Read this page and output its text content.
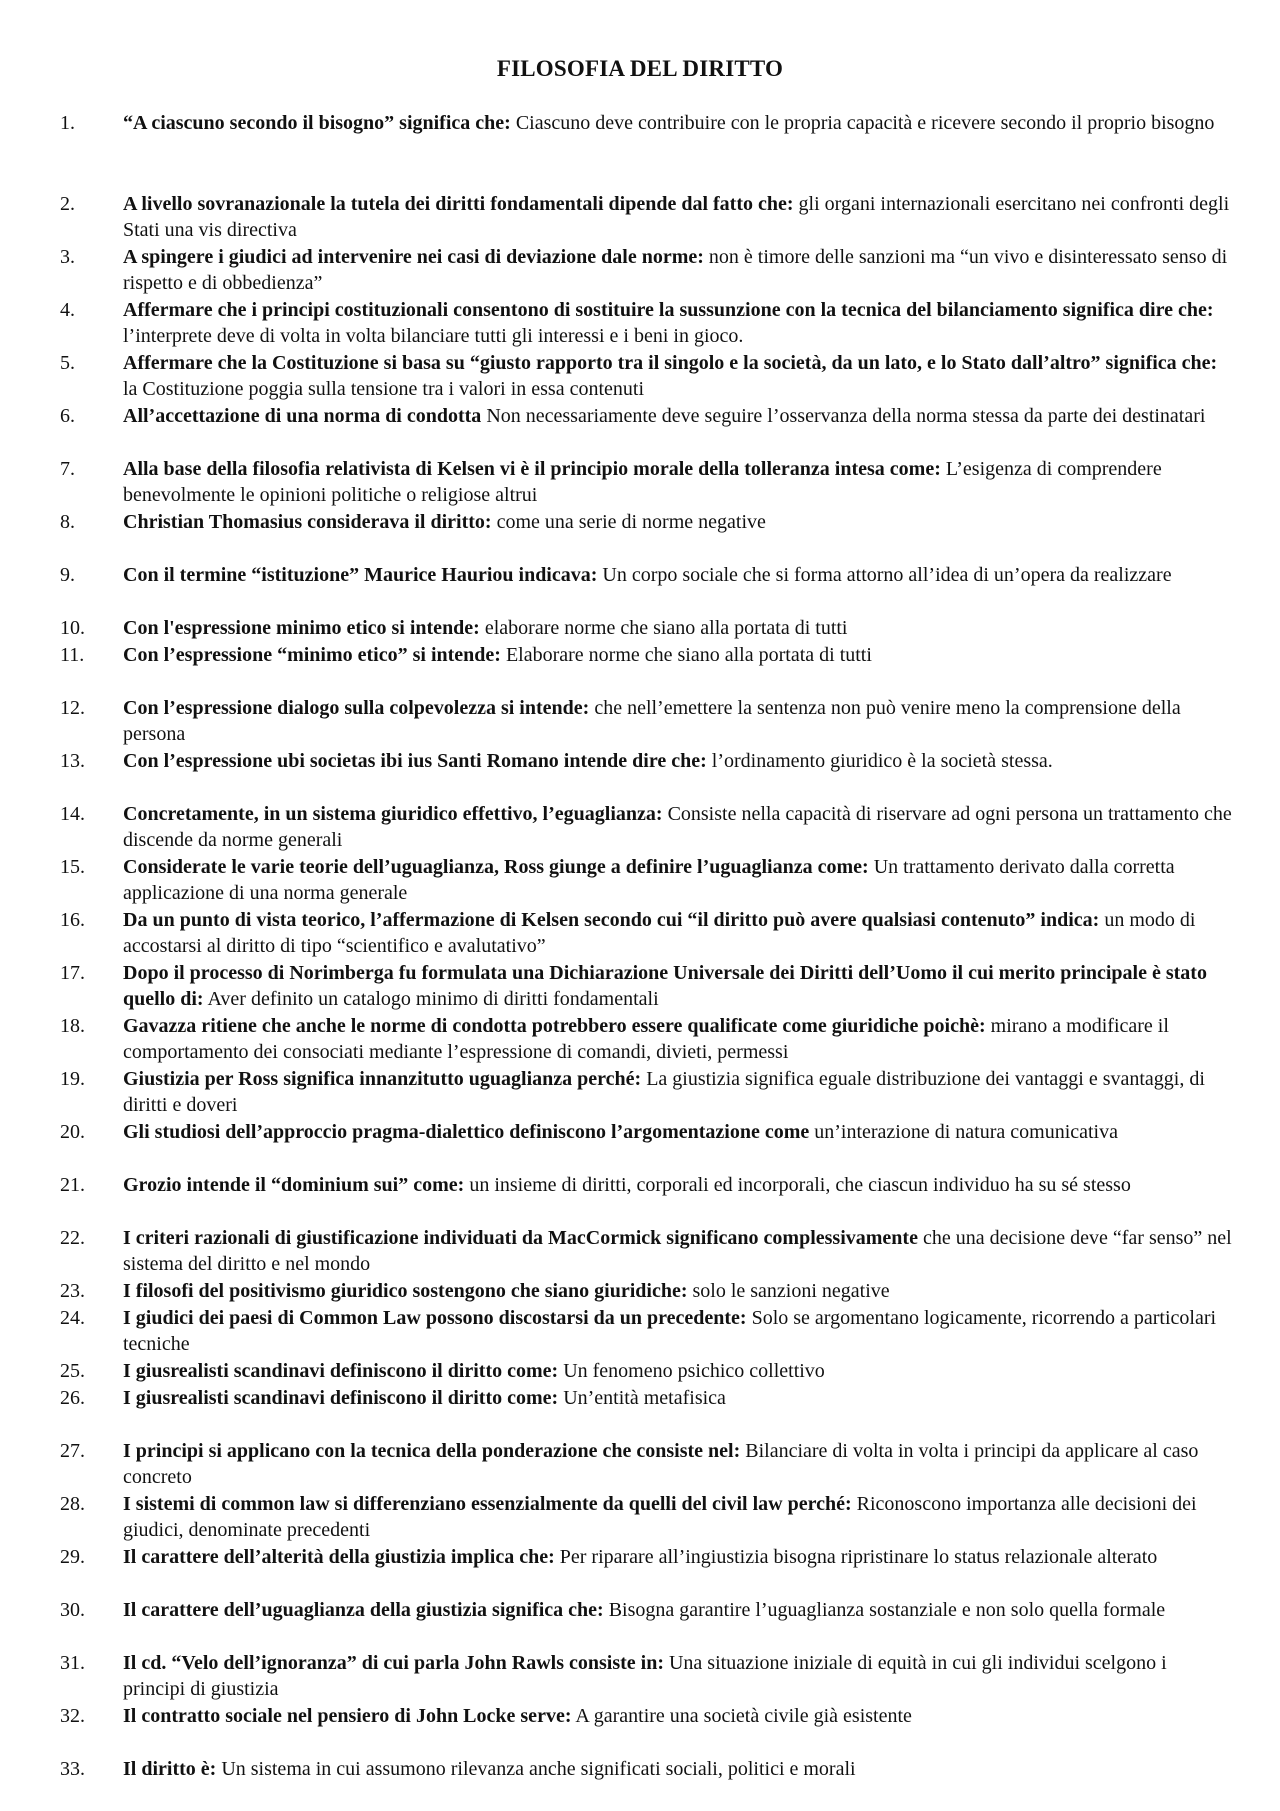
FILOSOFIA DEL DIRITTO
1. “A ciascuno secondo il bisogno” significa che: Ciascuno deve contribuire con le propria capacità e ricevere secondo il proprio bisogno
2. A livello sovranazionale la tutela dei diritti fondamentali dipende dal fatto che: gli organi internazionali esercitano nei confronti degli Stati una vis directiva
3. A spingere i giudici ad intervenire nei casi di deviazione dale norme: non è timore delle sanzioni ma “un vivo e disinteressato senso di rispetto e di obbedienza”
4. Affermare che i principi costituzionali consentono di sostituire la sussunzione con la tecnica del bilanciamento significa dire che: l’interprete deve di volta in volta bilanciare tutti gli interessi e i beni in gioco.
5. Affermare che la Costituzione si basa su “giusto rapporto tra il singolo e la società, da un lato, e lo Stato dall’altro” significa che: la Costituzione poggia sulla tensione tra i valori in essa contenuti
6. All’accettazione di una norma di condotta Non necessariamente deve seguire l’osservanza della norma stessa da parte dei destinatari
7. Alla base della filosofia relativista di Kelsen vi è il principio morale della tolleranza intesa come: L’esigenza di comprendere benevolmente le opinioni politiche o religiose altrui
8. Christian Thomasius considerava il diritto: come una serie di norme negative
9. Con il termine “istituzione” Maurice Hauriou indicava: Un corpo sociale che si forma attorno all’idea di un’opera da realizzare
10. Con l'espressione minimo etico si intende: elaborare norme che siano alla portata di tutti
11. Con l’espressione “minimo etico” si intende: Elaborare norme che siano alla portata di tutti
12. Con l’espressione dialogo sulla colpevolezza si intende: che nell’emettere la sentenza non può venire meno la comprensione della persona
13. Con l’espressione ubi societas ibi ius Santi Romano intende dire che: l’ordinamento giuridico è la società stessa.
14. Concretamente, in un sistema giuridico effettivo, l’eguaglianza: Consiste nella capacità di riservare ad ogni persona un trattamento che discende da norme generali
15. Considerate le varie teorie dell’uguaglianza, Ross giunge a definire l’uguaglianza come: Un trattamento derivato dalla corretta applicazione di una norma generale
16. Da un punto di vista teorico, l’affermazione di Kelsen secondo cui “il diritto può avere qualsiasi contenuto” indica: un modo di accostarsi al diritto di tipo “scientifico e avalutativo”
17. Dopo il processo di Norimberga fu formulata una Dichiarazione Universale dei Diritti dell’Uomo il cui merito principale è stato quello di: Aver definito un catalogo minimo di diritti fondamentali
18. Gavazza ritiene che anche le norme di condotta potrebbero essere qualificate come giuridiche poichè: mirano a modificare il comportamento dei consociati mediante l’espressione di comandi, divieti, permessi
19. Giustizia per Ross significa innanzitutto uguaglianza perché: La giustizia significa eguale distribuzione dei vantaggi e svantaggi, di diritti e doveri
20. Gli studiosi dell’approccio pragma-dialettico definiscono l’argomentazione come un’interazione di natura comunicativa
21. Grozio intende il “dominium sui” come: un insieme di diritti, corporali ed incorporali, che ciascun individuo ha su sé stesso
22. I criteri razionali di giustificazione individuati da MacCormick significano complessivamente che una decisione deve “far senso” nel sistema del diritto e nel mondo
23. I filosofi del positivismo giuridico sostengono che siano giuridiche: solo le sanzioni negative
24. I giudici dei paesi di Common Law possono discostarsi da un precedente: Solo se argomentano logicamente, ricorrendo a particolari tecniche
25. I giusrealisti scandinavi definiscono il diritto come: Un fenomeno psichico collettivo
26. I giusrealisti scandinavi definiscono il diritto come: Un’entità metafisica
27. I principi si applicano con la tecnica della ponderazione che consiste nel: Bilanciare di volta in volta i principi da applicare al caso concreto
28. I sistemi di common law si differenziano essenzialmente da quelli del civil law perché: Riconoscono importanza alle decisioni dei giudici, denominate precedenti
29. Il carattere dell’alterità della giustizia implica che: Per riparare all’ingiustizia bisogna ripristinare lo status relazionale alterato
30. Il carattere dell’uguaglianza della giustizia significa che: Bisogna garantire l’uguaglianza sostanziale e non solo quella formale
31. Il cd. “Velo dell’ignoranza” di cui parla John Rawls consiste in: Una situazione iniziale di equità in cui gli individui scelgono i principi di giustizia
32. Il contratto sociale nel pensiero di John Locke serve: A garantire una società civile già esistente
33. Il diritto è: Un sistema in cui assumono rilevanza anche significati sociali, politici e morali
